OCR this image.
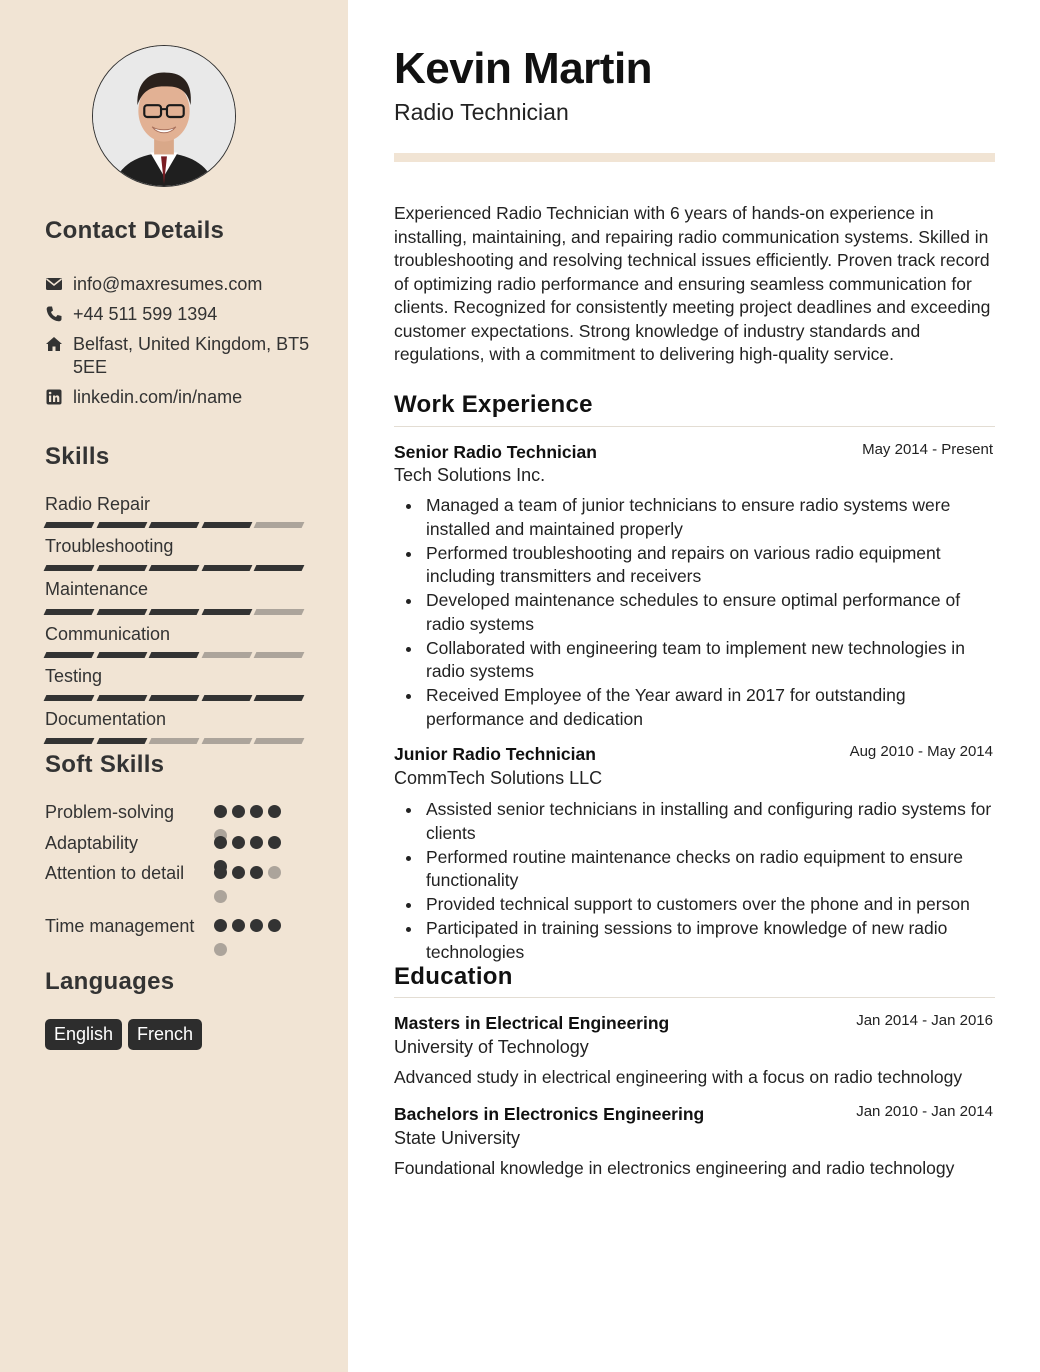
Contact Details
info@maxresumes.com
+44 511 599 1394
Belfast, United Kingdom, BT5 5EE
linkedin.com/in/name
Skills
Radio Repair
Troubleshooting
Maintenance
Communication
Testing
Documentation
Soft Skills
Problem-solving
Adaptability
Attention to detail
Time management
Languages
English	French
Kevin Martin
Radio Technician

Experienced Radio Technician with 6 years of hands-on experience in installing, maintaining, and repairing radio communication systems. Skilled in troubleshooting and resolving technical issues efficiently. Proven track record of optimizing radio performance and ensuring seamless communication for clients. Recognized for consistently meeting project deadlines and exceeding customer expectations. Strong knowledge of industry standards and regulations, with a commitment to delivering high-quality service.

Work Experience
Senior Radio Technician	May 2014 - Present
Tech Solutions Inc.
Managed a team of junior technicians to ensure radio systems were installed and maintained properly
Performed troubleshooting and repairs on various radio equipment including transmitters and receivers
Developed maintenance schedules to ensure optimal performance of radio systems
Collaborated with engineering team to implement new technologies in radio systems
Received Employee of the Year award in 2017 for outstanding performance and dedication
Junior Radio Technician	Aug 2010 - May 2014
CommTech Solutions LLC
Assisted senior technicians in installing and configuring radio systems for clients
Performed routine maintenance checks on radio equipment to ensure functionality
Provided technical support to customers over the phone and in person
Participated in training sessions to improve knowledge of new radio technologies
Education
Masters in Electrical Engineering	Jan 2014 - Jan 2016
University of Technology
Advanced study in electrical engineering with a focus on radio technology
Bachelors in Electronics Engineering	Jan 2010 - Jan 2014
State University
Foundational knowledge in electronics engineering and radio technology
